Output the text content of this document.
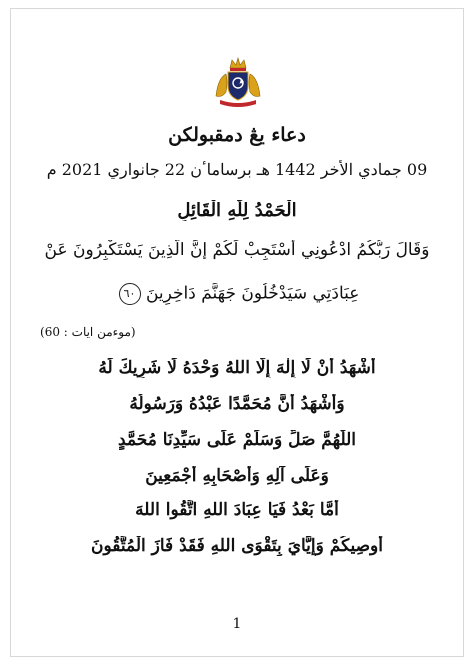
دعاء يڠ دمقبولكن
09 جمادي الأخر 1442 هـ برساماٴن 22 جانواري 2021 م
الْحَمْدُ لِلّٰهِ الْقَائِلِ
وَقَالَ رَبُّكُمُ ادْعُونِي أَسْتَجِبْ لَكُمْ إِنَّ الَّذِينَ يَسْتَكْبِرُونَ عَنْ
عِبَادَتِي سَيَدْخُلُونَ جَهَنَّمَ دَاخِرِينَ ٦٠
(موءمن ايات : 60)
أَشْهَدُ أَنْ لَا إِلٰهَ إِلَّا اللهُ وَحْدَهُ لَا شَرِيكَ لَهُ
وَأَشْهَدُ أَنَّ مُحَمَّدًا عَبْدُهُ وَرَسُولُهُ
اللّٰهُمَّ صَلِّ وَسَلِّمْ عَلَى سَيِّدِنَا مُحَمَّدٍ
وَعَلَى آلِهِ وَأَصْحَابِهِ أَجْمَعِينَ
أَمَّا بَعْدُ فَيَا عِبَادَ اللهِ اتَّقُوا اللهَ
أُوصِيكُمْ وَإِيَّايَ بِتَقْوَى اللهِ فَقَدْ فَازَ الْمُتَّقُونَ
1
